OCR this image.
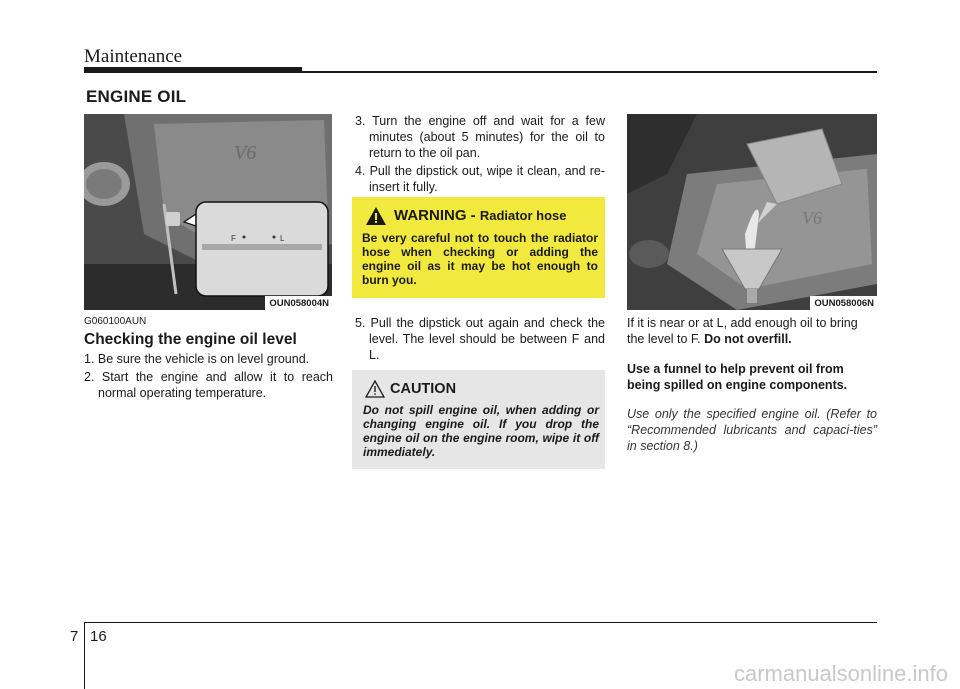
Maintenance
ENGINE OIL
V6
F	L
OUN058004N
G060100AUN
Checking the engine oil level
1. Be sure the vehicle is on level ground.
2. Start the engine and allow it to reach normal operating temperature.
3. Turn the engine off and wait for a few minutes (about 5 minutes) for the oil to return to the oil pan.
4. Pull the dipstick out, wipe it clean, and re-insert it fully.
WARNING - Radiator hose
Be very careful not to touch the radiator hose when checking or adding the engine oil as it may be hot enough to burn you.
5. Pull the dipstick out again and check the level. The level should be between F and L.
CAUTION
Do not spill engine oil, when adding or changing engine oil. If you drop the engine oil on the engine room, wipe it off immediately.
V6
OUN058006N
If it is near or at L, add enough oil to bring the level to F. Do not overfill.
Use a funnel to help prevent oil from being spilled on engine components.
Use only the specified engine oil. (Refer to “Recommended lubricants and capaci-ties” in section 8.)
7 16
carmanualsonline.info
